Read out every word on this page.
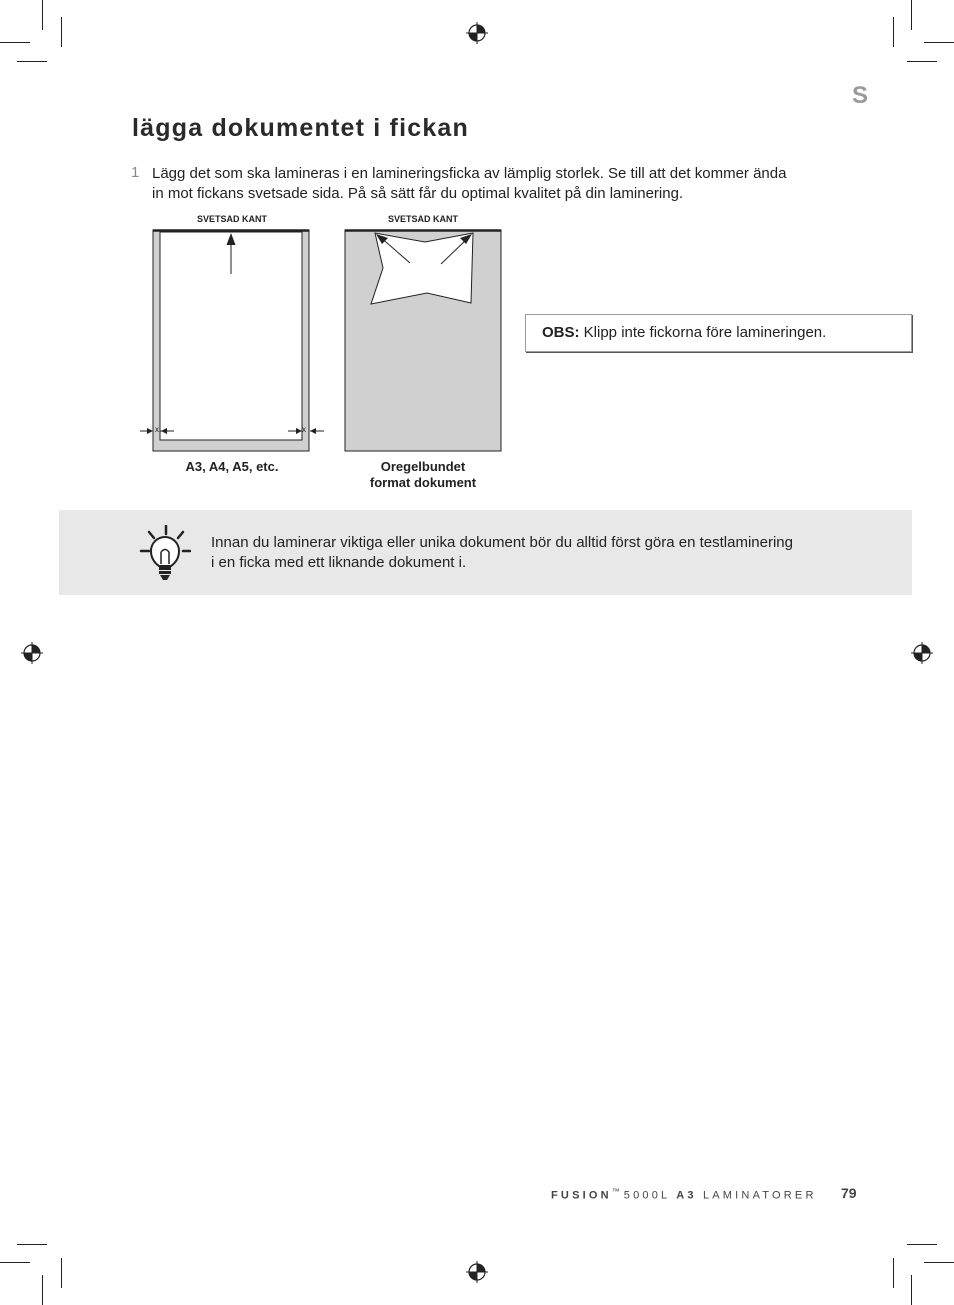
S
lägga dokumentet i fickan
1 Lägg det som ska lamineras i en lamineringsficka av lämplig storlek. Se till att det kommer ända
in mot fickans svetsade sida. På så sätt får du optimal kvalitet på din laminering.
SVETSAD KANT
x	x
A3, A4, A5, etc.
SVETSAD KANT
Oregelbundet
format dokument
OBS: Klipp inte fickorna före lamineringen.
Innan du laminerar viktiga eller unika dokument bör du alltid först göra en testlaminering
i en ficka med ett liknande dokument i.
FUSION™ 5000L A3 LAMINATORER 79
